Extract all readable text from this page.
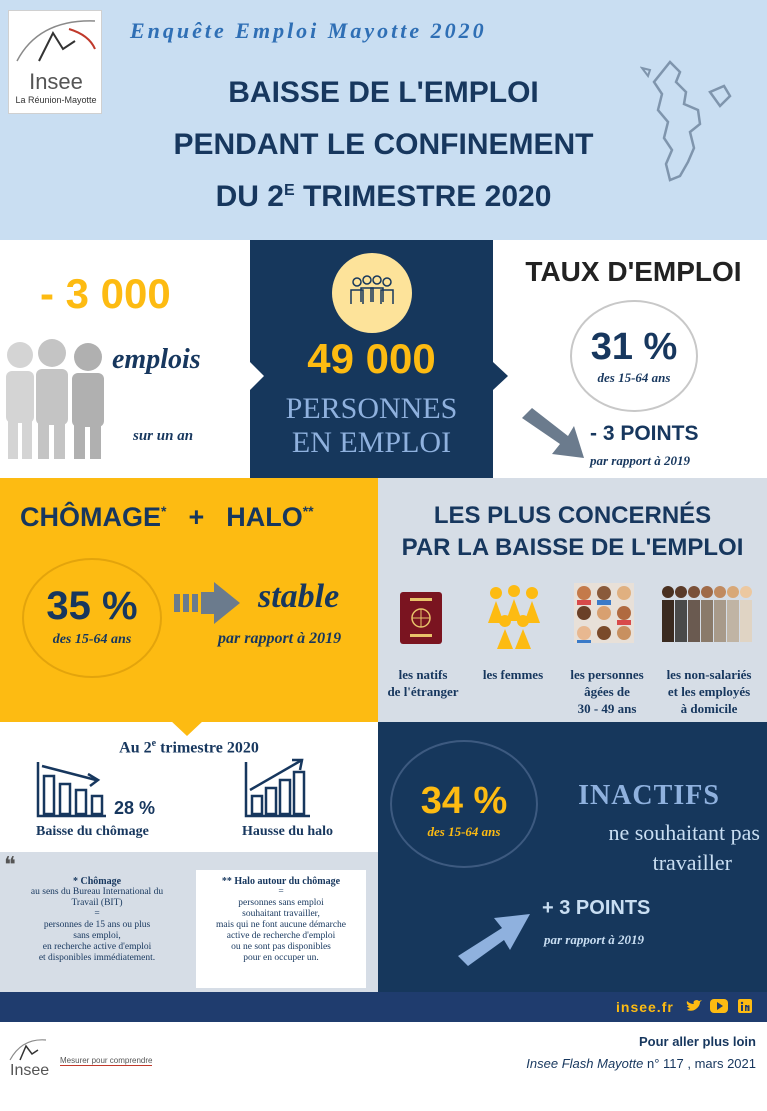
Insee
La Réunion-Mayotte
Enquête Emploi Mayotte 2020
BAISSE DE L'EMPLOI
PENDANT LE CONFINEMENT
DU $2^E$ TRIMESTRE 2020
- 3 000
emplois
sur un an
49 000
PERSONNES
EN EMPLOI
TAUX D'EMPLOI
31 %
des 15-64 ans
- 3 POINTS
par rapport à 2019
CHÔMAGE* + HALO**
35 %
des 15-64 ans
stable
par rapport à 2019
LES PLUS CONCERNÉS
PAR LA BAISSE DE L'EMPLOI
les natifs
de l'étranger
les femmes	les personnes
âgées de
30 - 49 ans
les non-salariés
et les employés
à domicile
Au 2e trimestre 2020
28 %
Baisse du chômage	Hausse du halo
❝
* Chômage
au sens du Bureau International du
Travail (BIT)
=
personnes de 15 ans ou plus
sans emploi,
en recherche active d'emploi
et disponibles immédiatement.
** Halo autour du chômage
=
personnes sans emploi
souhaitant travailler,
mais qui ne font aucune démarche
active de recherche d'emploi
ou ne sont pas disponibles
pour en occuper un.
34 %
des 15-64 ans
INACTIFS
ne souhaitant pas
travailler
+ 3 POINTS
par rapport à 2019
insee.fr
Insee
Mesurer pour comprendre
Pour aller plus loin
Insee Flash Mayotte n° 117 , mars 2021
